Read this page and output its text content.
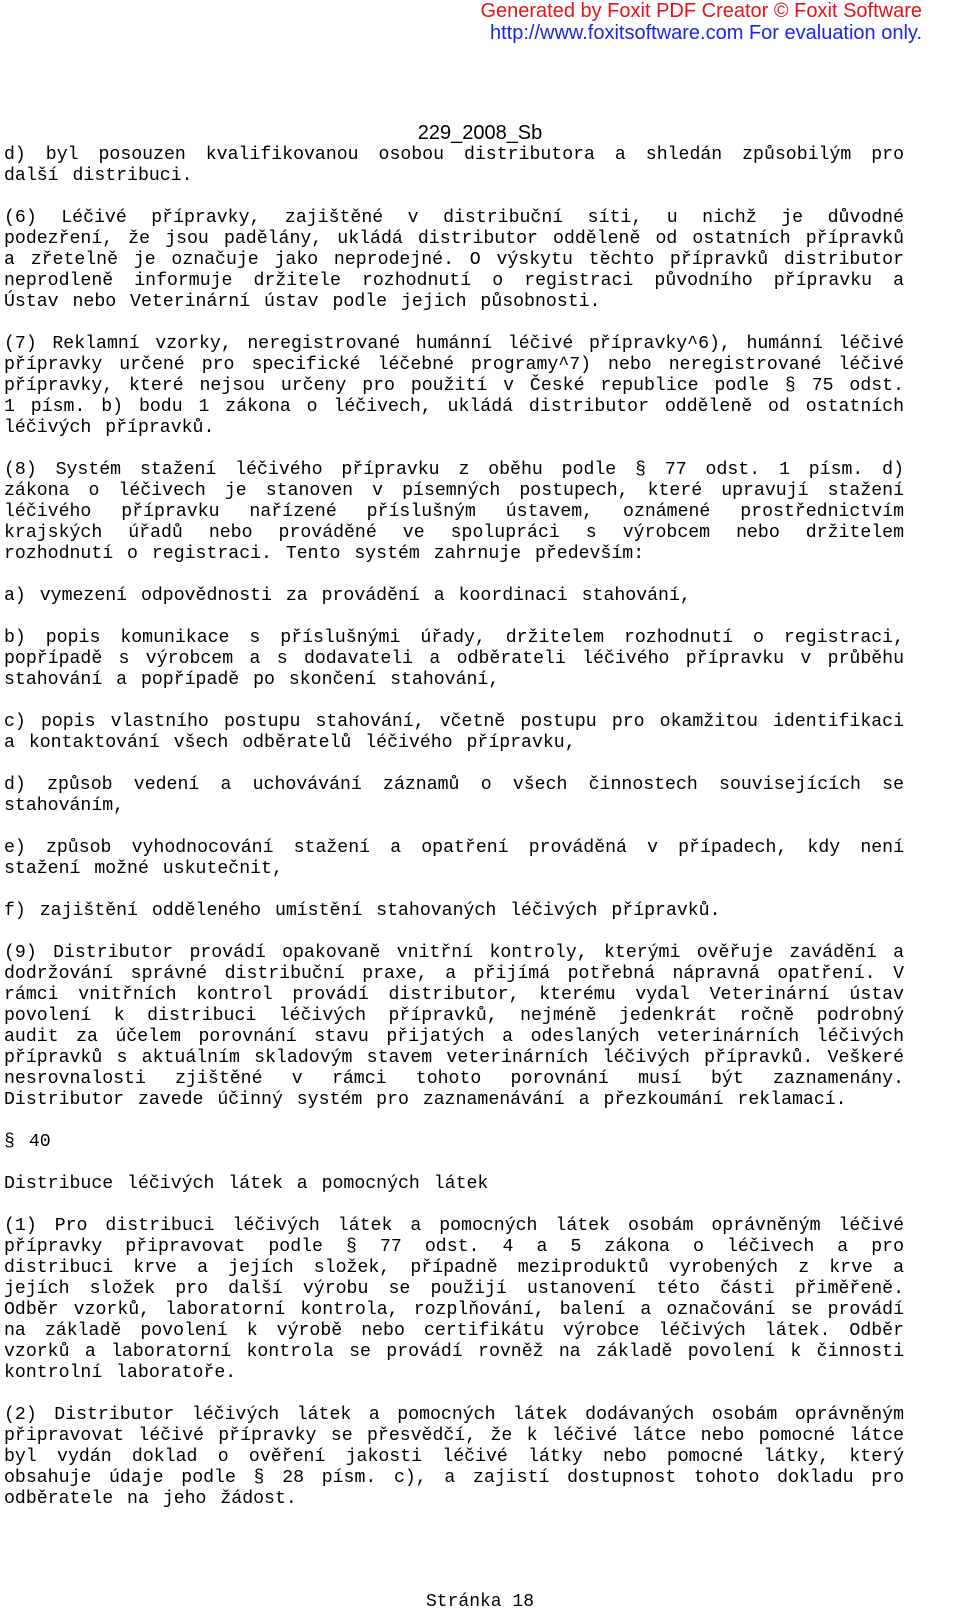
Generated by Foxit PDF Creator © Foxit Software
http://www.foxitsoftware.com For evaluation only.
229_2008_Sb

d) byl posouzen kvalifikovanou osobou distributora a shledán způsobilým pro další distribuci.

(6) Léčivé přípravky, zajištěné v distribuční síti, u nichž je důvodné podezření, že jsou padělány, ukládá distributor odděleně od ostatních přípravků a zřetelně je označuje jako neprodejné. O výskytu těchto přípravků distributor neprodleně informuje držitele rozhodnutí o registraci původního přípravku a Ústav nebo Veterinární ústav podle jejich působnosti.

(7) Reklamní vzorky, neregistrované humánní léčivé přípravky^6), humánní léčivé přípravky určené pro specifické léčebné programy^7) nebo neregistrované léčivé přípravky, které nejsou určeny pro použití v České republice podle § 75 odst. 1 písm. b) bodu 1 zákona o léčivech, ukládá distributor odděleně od ostatních léčivých přípravků.

(8) Systém stažení léčivého přípravku z oběhu podle § 77 odst. 1 písm. d) zákona o léčivech je stanoven v písemných postupech, které upravují stažení léčivého přípravku nařízené příslušným ústavem, oznámené prostřednictvím krajských úřadů nebo prováděné ve spolupráci s výrobcem nebo držitelem rozhodnutí o registraci. Tento systém zahrnuje především:

a) vymezení odpovědnosti za provádění a koordinaci stahování,

b) popis komunikace s příslušnými úřady, držitelem rozhodnutí o registraci, popřípadě s výrobcem a s dodavateli a odběrateli léčivého přípravku v průběhu stahování a popřípadě po skončení stahování,

c) popis vlastního postupu stahování, včetně postupu pro okamžitou identifikaci a kontaktování všech odběratelů léčivého přípravku,

d) způsob vedení a uchovávání záznamů o všech činnostech souvisejících se stahováním,

e) způsob vyhodnocování stažení a opatření prováděná v případech, kdy není stažení možné uskutečnit,

f) zajištění odděleného umístění stahovaných léčivých přípravků.

(9) Distributor provádí opakovaně vnitřní kontroly, kterými ověřuje zavádění a dodržování správné distribuční praxe, a přijímá potřebná nápravná opatření. V rámci vnitřních kontrol provádí distributor, kterému vydal Veterinární ústav povolení k distribuci léčivých přípravků, nejméně jedenkrát ročně podrobný audit za účelem porovnání stavu přijatých a odeslaných veterinárních léčivých přípravků s aktuálním skladovým stavem veterinárních léčivých přípravků. Veškeré nesrovnalosti zjištěné v rámci tohoto porovnání musí být zaznamenány. Distributor zavede účinný systém pro zaznamenávání a přezkoumání reklamací.

§ 40

Distribuce léčivých látek a pomocných látek

(1) Pro distribuci léčivých látek a pomocných látek osobám oprávněným léčivé přípravky připravovat podle § 77 odst. 4 a 5 zákona o léčivech a pro distribuci krve a jejích složek, případně meziproduktů vyrobených z krve a jejích složek pro další výrobu se použijí ustanovení této části přiměřeně. Odběr vzorků, laboratorní kontrola, rozplňování, balení a označování se provádí na základě povolení k výrobě nebo certifikátu výrobce léčivých látek. Odběr vzorků a laboratorní kontrola se provádí rovněž na základě povolení k činnosti kontrolní laboratoře.

(2) Distributor léčivých látek a pomocných látek dodávaných osobám oprávněným připravovat léčivé přípravky se přesvědčí, že k léčivé látce nebo pomocné látce byl vydán doklad o ověření jakosti léčivé látky nebo pomocné látky, který obsahuje údaje podle § 28 písm. c), a zajistí dostupnost tohoto dokladu pro odběratele na jeho žádost.

Stránka 18
